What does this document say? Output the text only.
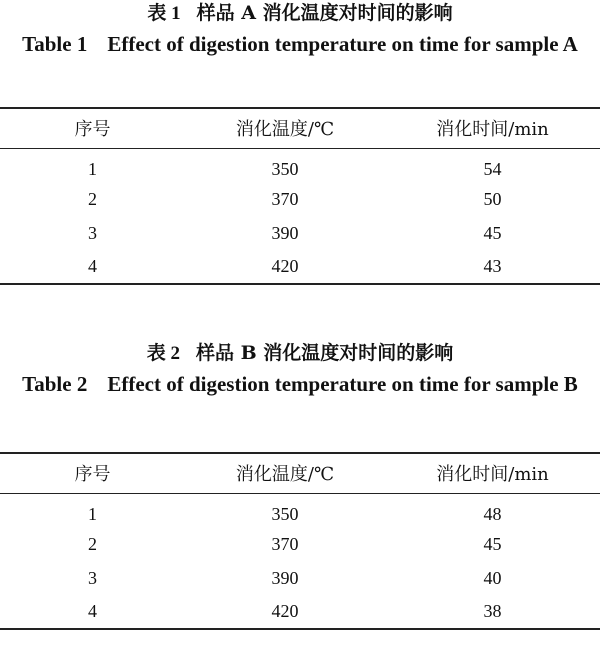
表 1 样品 A 消化温度对时间的影响
Table 1 Effect of digestion temperature on time for sample A
序号	消化温度/℃	消化时间/min
1	350	54
2	370	50
3	390	45
4	420	43
表 2 样品 B 消化温度对时间的影响
Table 2 Effect of digestion temperature on time for sample B
序号	消化温度/℃	消化时间/min
1	350	48
2	370	45
3	390	40
4	420	38
